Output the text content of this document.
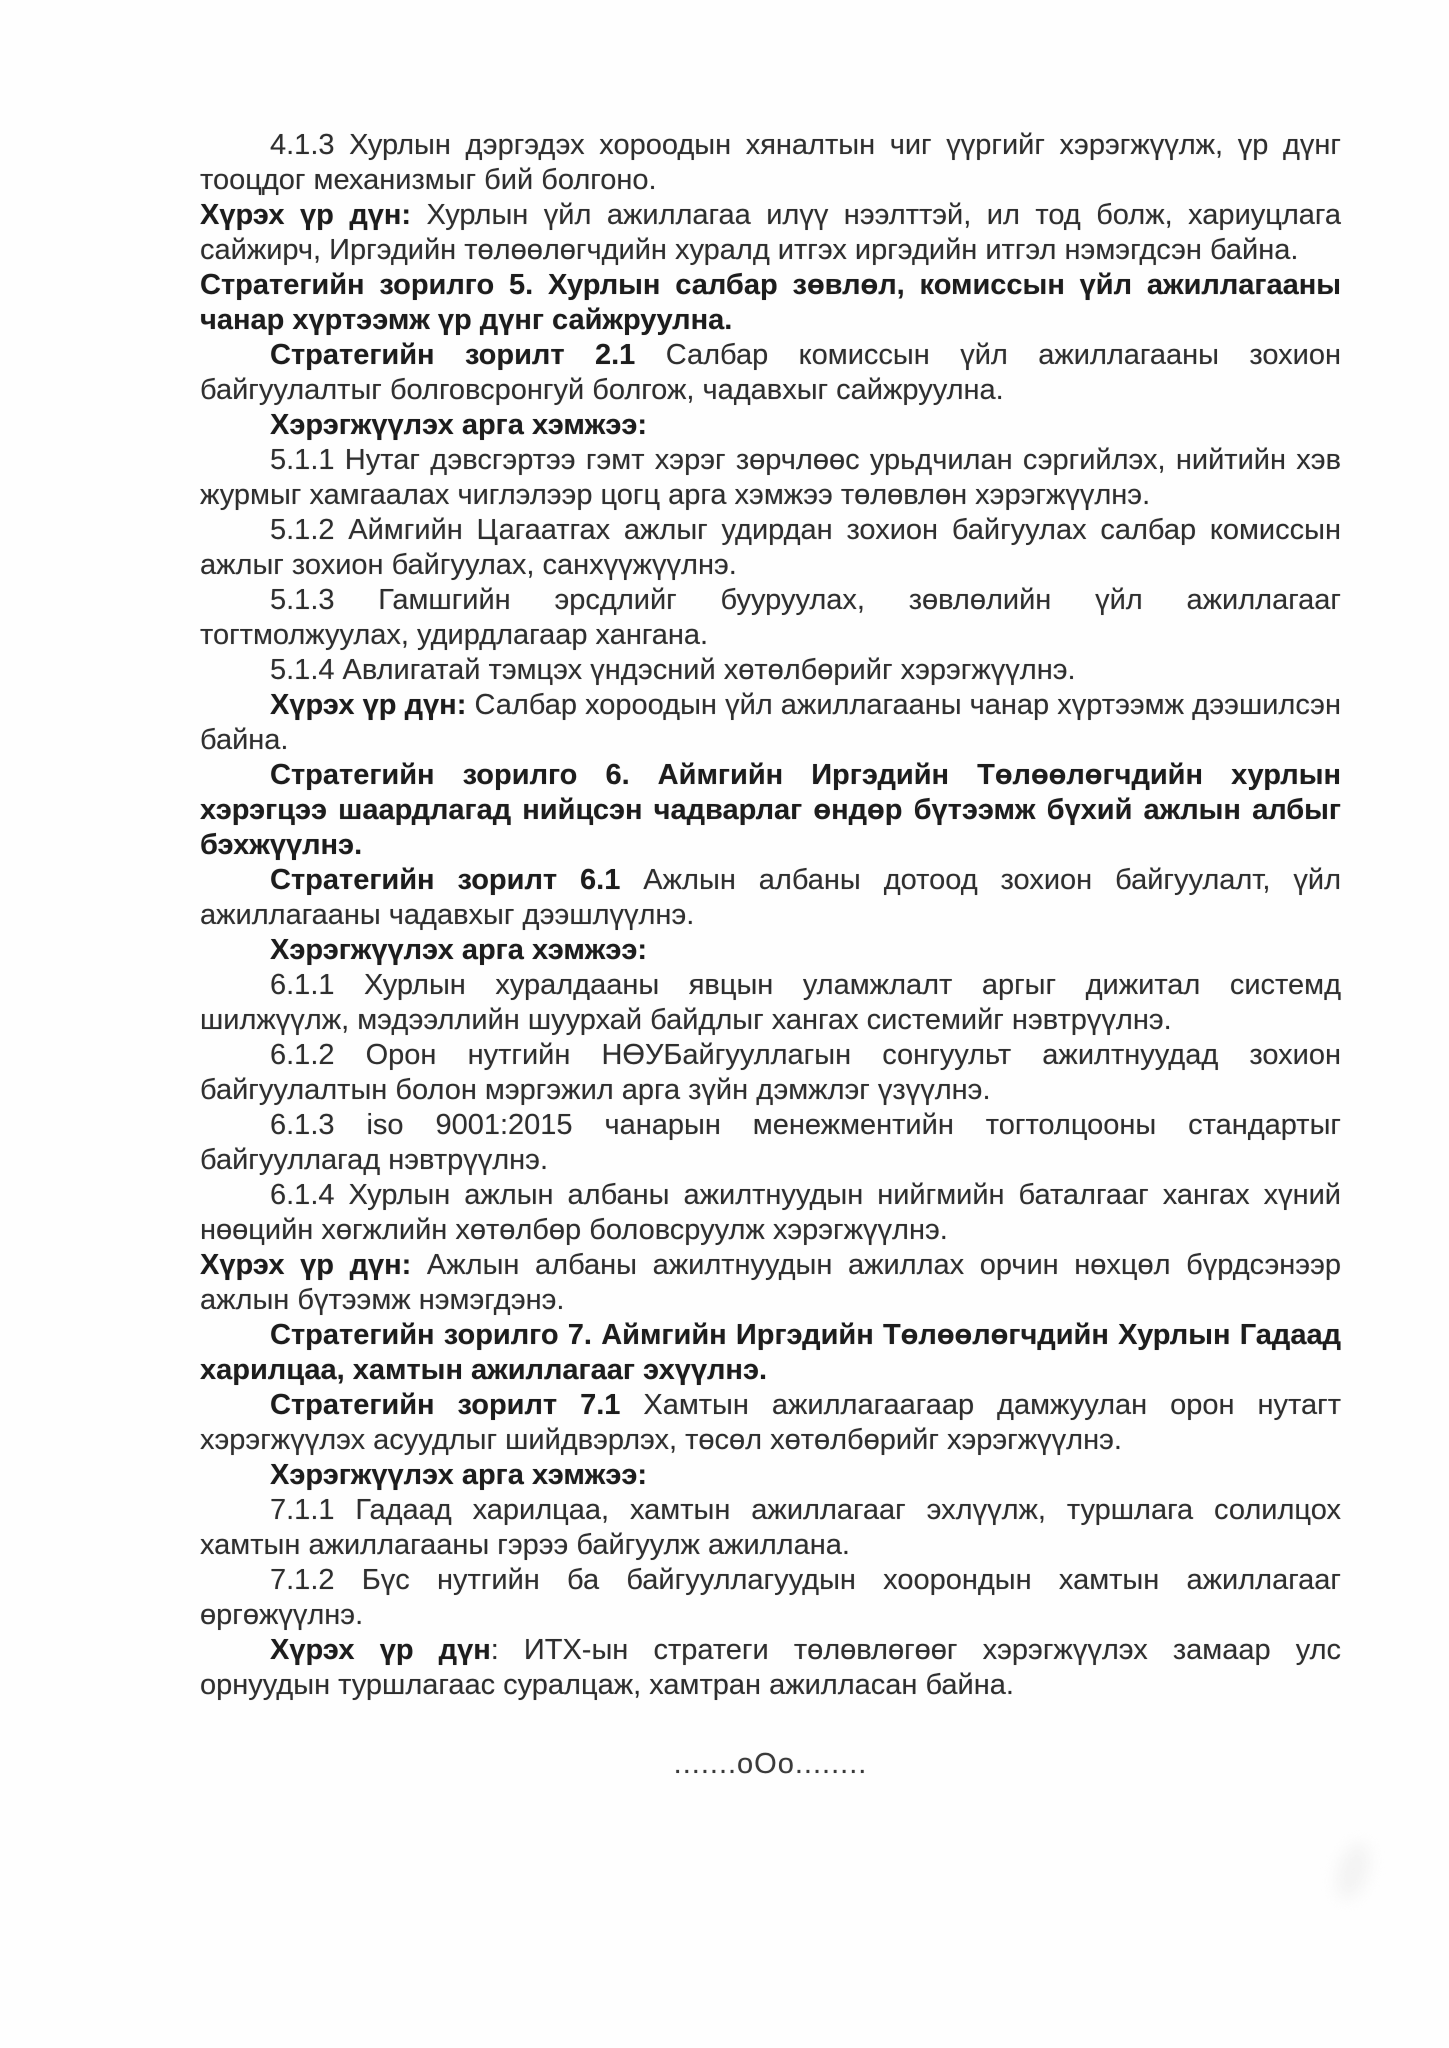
4.1.3 Хурлын дэргэдэх хороодын хяналтын чиг үүргийг хэрэгжүүлж, үр дүнг тооцдог механизмыг бий болгоно.

Хүрэх үр дүн: Хурлын үйл ажиллагаа илүү нээлттэй, ил тод болж, хариуцлага сайжирч, Иргэдийн төлөөлөгчдийн хуралд итгэх иргэдийн итгэл нэмэгдсэн байна.

Стратегийн зорилго 5. Хурлын салбар зөвлөл, комиссын үйл ажиллагааны чанар хүртээмж үр дүнг сайжруулна.

Стратегийн зорилт 2.1 Салбар комиссын үйл ажиллагааны зохион байгуулалтыг болговсронгуй болгож, чадавхыг сайжруулна.

Хэрэгжүүлэх арга хэмжээ:

5.1.1 Нутаг дэвсгэртээ гэмт хэрэг зөрчлөөс урьдчилан сэргийлэх, нийтийн хэв журмыг хамгаалах чиглэлээр цогц арга хэмжээ төлөвлөн хэрэгжүүлнэ.

5.1.2 Аймгийн Цагаатгах ажлыг удирдан зохион байгуулах салбар комиссын ажлыг зохион байгуулах, санхүүжүүлнэ.

5.1.3 Гамшгийн эрсдлийг бууруулах, зөвлөлийн үйл ажиллагааг тогтмолжуулах, удирдлагаар хангана.

5.1.4 Авлигатай тэмцэх үндэсний хөтөлбөрийг хэрэгжүүлнэ.

Хүрэх үр дүн: Салбар хороодын үйл ажиллагааны чанар хүртээмж дээшилсэн байна.

Стратегийн зорилго 6. Аймгийн Иргэдийн Төлөөлөгчдийн хурлын хэрэгцээ шаардлагад нийцсэн чадварлаг өндөр бүтээмж бүхий ажлын албыг бэхжүүлнэ.

Стратегийн зорилт 6.1 Ажлын албаны дотоод зохион байгуулалт, үйл ажиллагааны чадавхыг дээшлүүлнэ.

Хэрэгжүүлэх арга хэмжээ:

6.1.1 Хурлын хуралдааны явцын уламжлалт аргыг дижитал системд шилжүүлж, мэдээллийн шуурхай байдлыг хангах системийг нэвтрүүлнэ.

6.1.2 Орон нутгийн НӨУБайгууллагын сонгуульт ажилтнуудад зохион байгуулалтын болон мэргэжил арга зүйн дэмжлэг үзүүлнэ.

6.1.3 iso 9001:2015 чанарын менежментийн тогтолцооны стандартыг байгууллагад нэвтрүүлнэ.

6.1.4 Хурлын ажлын албаны ажилтнуудын нийгмийн баталгааг хангах хүний нөөцийн хөгжлийн хөтөлбөр боловсруулж хэрэгжүүлнэ.

Хүрэх үр дүн: Ажлын албаны ажилтнуудын ажиллах орчин нөхцөл бүрдсэнээр ажлын бүтээмж нэмэгдэнэ.

Стратегийн зорилго 7. Аймгийн Иргэдийн Төлөөлөгчдийн Хурлын Гадаад харилцаа, хамтын ажиллагааг эхүүлнэ.

Стратегийн зорилт 7.1 Хамтын ажиллагаагаар дамжуулан орон нутагт хэрэгжүүлэх асуудлыг шийдвэрлэх, төсөл хөтөлбөрийг хэрэгжүүлнэ.

Хэрэгжүүлэх арга хэмжээ:

7.1.1 Гадаад харилцаа, хамтын ажиллагааг эхлүүлж, туршлага солилцох хамтын ажиллагааны гэрээ байгуулж ажиллана.

7.1.2 Бүс нутгийн ба байгууллагуудын хоорондын хамтын ажиллагааг өргөжүүлнэ.

Хүрэх үр дүн: ИТХ-ын стратеги төлөвлөгөөг хэрэгжүүлэх замаар улс орнуудын туршлагаас суралцаж, хамтран ажилласан байна.

.......оОо........
